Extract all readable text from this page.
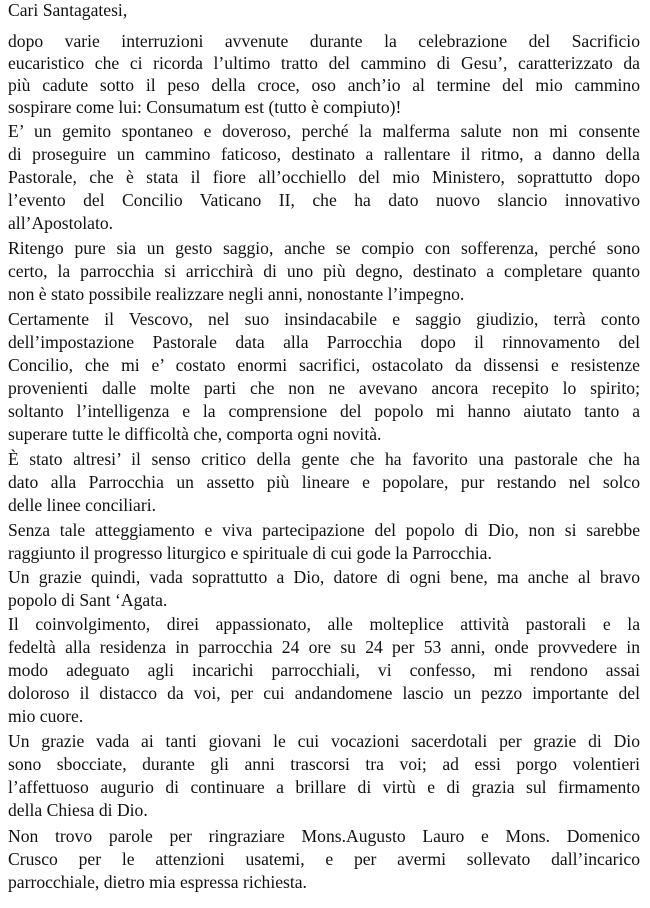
Cari Santagatesi,
dopo varie interruzioni avvenute durante la celebrazione del Sacrificio
eucaristico che ci ricorda l’ultimo tratto del cammino di Gesu’, caratterizzato da
più cadute sotto il peso della croce, oso anch’io al termine del mio cammino
sospirare come lui: Consumatum est (tutto è compiuto)!
E’ un gemito spontaneo e doveroso, perché la malferma salute non mi consente
di proseguire un cammino faticoso, destinato a rallentare il ritmo, a danno della
Pastorale, che è stata il fiore all’occhiello del mio Ministero, soprattutto dopo
l’evento del Concilio Vaticano II, che ha dato nuovo slancio innovativo
all’Apostolato.
Ritengo pure sia un gesto saggio, anche se compio con sofferenza, perché sono
certo, la parrocchia si arricchirà di uno più degno, destinato a completare quanto
non è stato possibile realizzare negli anni, nonostante l’impegno.
Certamente il Vescovo, nel suo insindacabile e saggio giudizio, terrà conto
dell’impostazione Pastorale data alla Parrocchia dopo il rinnovamento del
Concilio, che mi e’ costato enormi sacrifici, ostacolato da dissensi e resistenze
provenienti dalle molte parti che non ne avevano ancora recepito lo spirito;
soltanto l’intelligenza e la comprensione del popolo mi hanno aiutato tanto a
superare tutte le difficoltà che, comporta ogni novità.
È stato altresi’ il senso critico della gente che ha favorito una pastorale che ha
dato alla Parrocchia un assetto più lineare e popolare, pur restando nel solco
delle linee conciliari.
Senza tale atteggiamento e viva partecipazione del popolo di Dio, non si sarebbe
raggiunto il progresso liturgico e spirituale di cui gode la Parrocchia.
Un grazie quindi, vada soprattutto a Dio, datore di ogni bene, ma anche al bravo
popolo di Sant ‘Agata.
Il coinvolgimento, direi appassionato, alle molteplice attività pastorali e la
fedeltà alla residenza in parrocchia 24 ore su 24 per 53 anni, onde provvedere in
modo adeguato agli incarichi parrocchiali, vi confesso, mi rendono assai
doloroso il distacco da voi, per cui andandomene lascio un pezzo importante del
mio cuore.
Un grazie vada ai tanti giovani le cui vocazioni sacerdotali per grazie di Dio
sono sbocciate, durante gli anni trascorsi tra voi; ad essi porgo volentieri
l’affettuoso augurio di continuare a brillare di virtù e di grazia sul firmamento
della Chiesa di Dio.
Non trovo parole per ringraziare Mons.Augusto Lauro e Mons. Domenico
Crusco per le attenzioni usatemi, e per avermi sollevato dall’incarico
parrocchiale, dietro mia espressa richiesta.
